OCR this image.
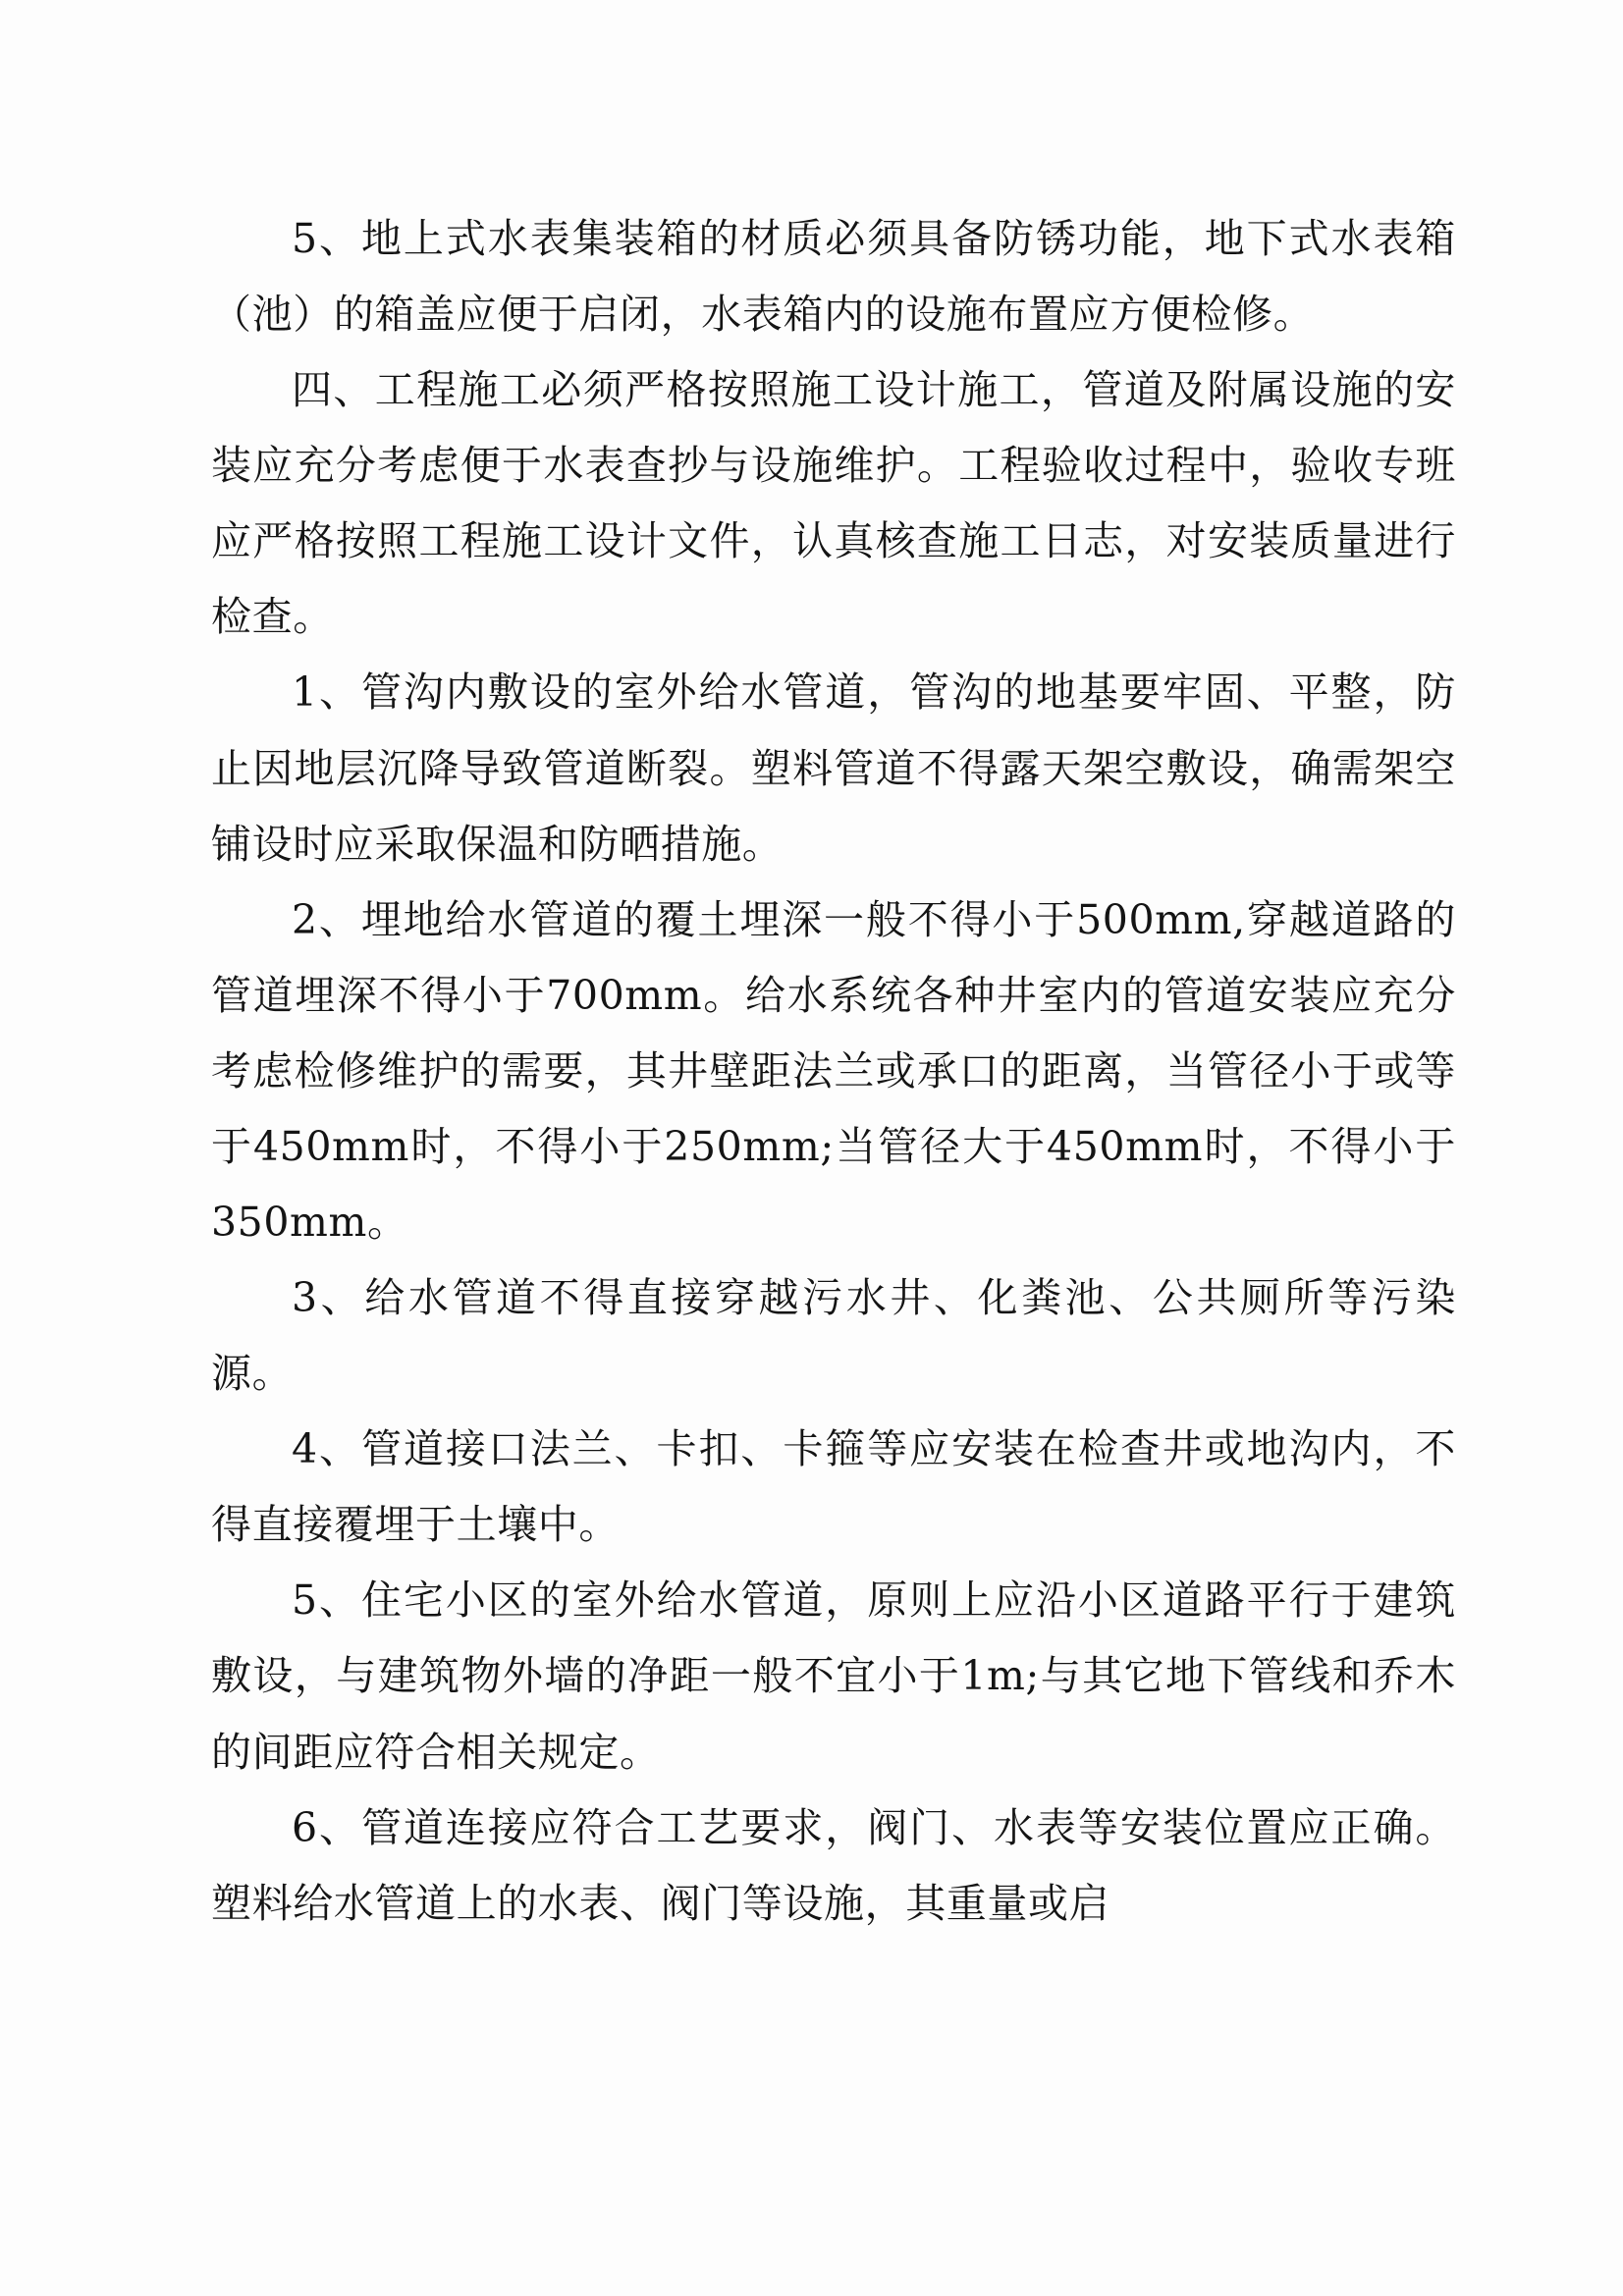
5、地上式水表集装箱的材质必须具备防锈功能，地下式水表箱（池）的箱盖应便于启闭，水表箱内的设施布置应方便检修。

四、工程施工必须严格按照施工设计施工，管道及附属设施的安装应充分考虑便于水表查抄与设施维护。工程验收过程中，验收专班应严格按照工程施工设计文件，认真核查施工日志，对安装质量进行检查。

1、管沟内敷设的室外给水管道，管沟的地基要牢固、平整，防止因地层沉降导致管道断裂。塑料管道不得露天架空敷设，确需架空铺设时应采取保温和防晒措施。

2、埋地给水管道的覆土埋深一般不得小于500mm,穿越道路的管道埋深不得小于700mm。给水系统各种井室内的管道安装应充分考虑检修维护的需要，其井壁距法兰或承口的距离，当管径小于或等于450mm时，不得小于250mm;当管径大于450mm时，不得小于350mm。

3、给水管道不得直接穿越污水井、化粪池、公共厕所等污染源。

4、管道接口法兰、卡扣、卡箍等应安装在检查井或地沟内，不得直接覆埋于土壤中。

5、住宅小区的室外给水管道，原则上应沿小区道路平行于建筑敷设，与建筑物外墙的净距一般不宜小于1m;与其它地下管线和乔木的间距应符合相关规定。

6、管道连接应符合工艺要求，阀门、水表等安装位置应正确。塑料给水管道上的水表、阀门等设施，其重量或启
